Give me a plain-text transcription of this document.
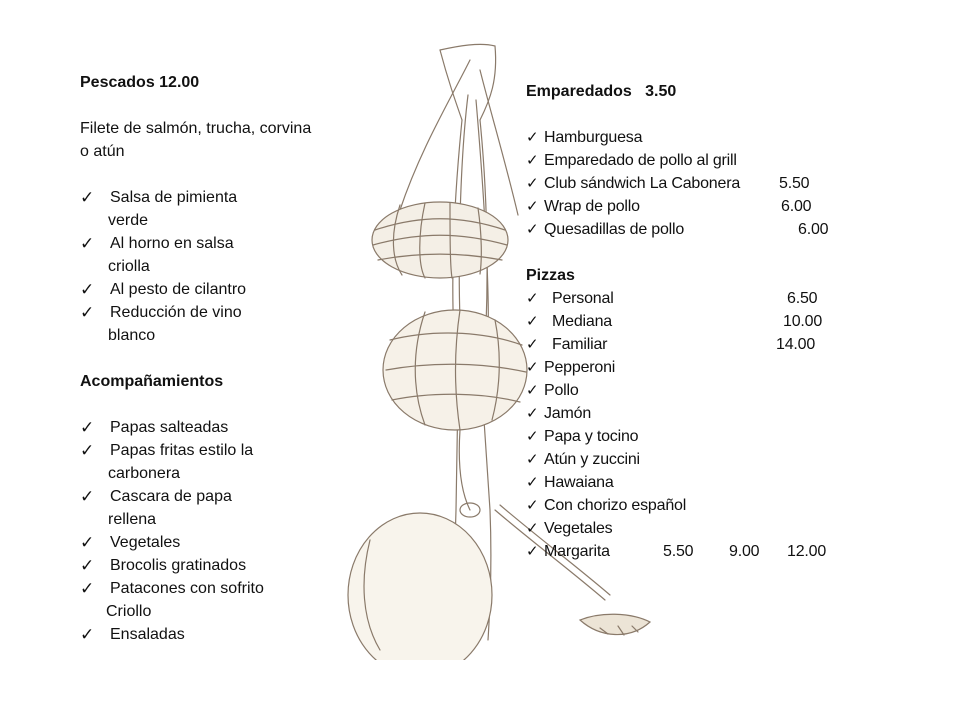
Pescados 12.00

Filete de salmón, trucha, corvina o atún

✓ Salsa de pimienta
verde
✓ Al horno en salsa
criolla
✓ Al pesto de cilantro
✓ Reducción de vino
blanco
Acompañamientos
✓ Papas salteadas
✓ Papas fritas estilo la
carbonera
✓ Cascara de papa
rellena
✓ Vegetales
✓ Brocolis gratinados
✓ Patacones con sofrito
Criollo
✓ Ensaladas
Emparedados   3.50
✓ Hamburguesa
✓ Emparedado de pollo al grill
✓ Club sándwich La Cabonera 5.50
✓ Wrap de pollo	6.00
✓ Quesadillas de pollo	6.00
Pizzas
✓ Personal	6.50
✓ Mediana	10.00
✓ Familiar	14.00
✓ Pepperoni
✓ Pollo
✓ Jamón
✓ Papa y tocino
✓ Atún y zuccini
✓ Hawaiana
✓ Con chorizo español
✓ Vegetales
✓ Margarita	5.50 9.00 12.00
